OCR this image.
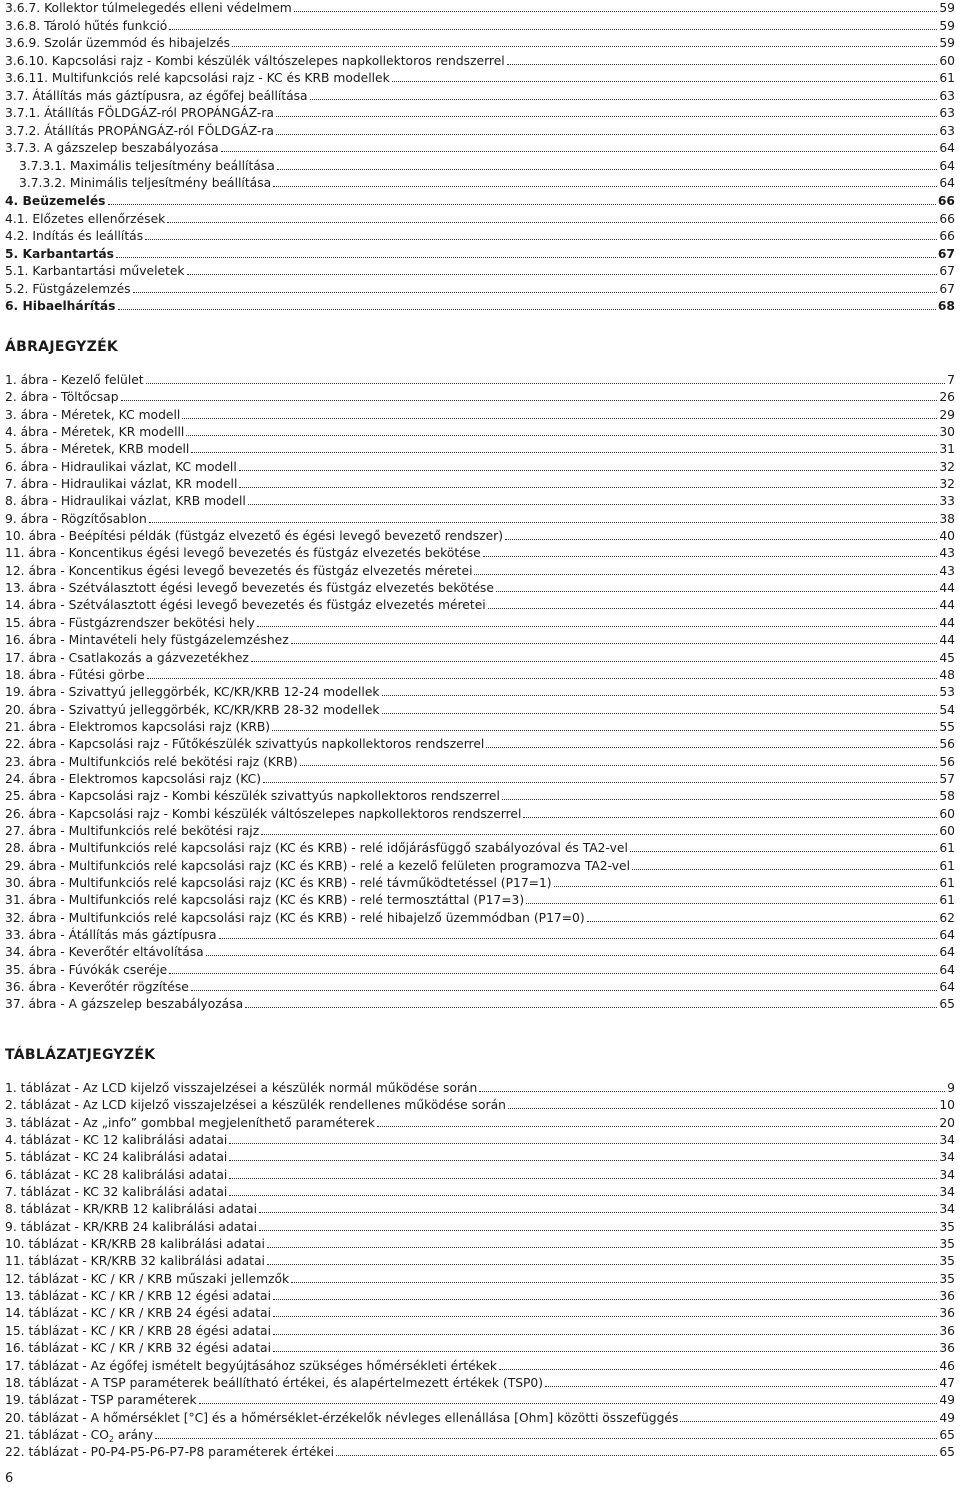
3.6.7. Kollektor túlmelegedés elleni védelmem	59
3.6.8. Tároló hűtés funkció	59
3.6.9. Szolár üzemmód és hibajelzés	59
3.6.10. Kapcsolási rajz - Kombi készülék váltószelepes napkollektoros rendszerrel	60
3.6.11. Multifunkciós relé kapcsolási rajz - KC és KRB modellek	61
3.7. Átállítás más gáztípusra, az égőfej beállítása	63
3.7.1. Átállítás FÖLDGÁZ-ról PROPÁNGÁZ-ra	63
3.7.2. Átállítás PROPÁNGÁZ-ról FÖLDGÁZ-ra	63
3.7.3. A gázszelep beszabályozása	64
3.7.3.1. Maximális teljesítmény beállítása	64
3.7.3.2. Minimális teljesítmény beállítása	64
4. Beüzemelés	66
4.1. Előzetes ellenőrzések	66
4.2. Indítás és leállítás	66
5. Karbantartás	67
5.1. Karbantartási műveletek	67
5.2. Füstgázelemzés	67
6. Hibaelhárítás	68
ÁBRAJEGYZÉK
1. ábra - Kezelő felület	7
2. ábra - Töltőcsap	26
3. ábra - Méretek, KC modell	29
4. ábra - Méretek, KR modelll	30
5. ábra - Méretek, KRB modell	31
6. ábra - Hidraulikai vázlat, KC modell	32
7. ábra - Hidraulikai vázlat, KR modell	32
8. ábra - Hidraulikai vázlat, KRB modell	33
9. ábra - Rögzítősablon	38
10. ábra - Beépítési példák (füstgáz elvezető és égési levegő bevezető rendszer)	40
11. ábra - Koncentikus égési levegő bevezetés és füstgáz elvezetés bekötése	43
12. ábra - Koncentikus égési levegő bevezetés és füstgáz elvezetés méretei	43
13. ábra - Szétválasztott égési levegő bevezetés és füstgáz elvezetés bekötése	44
14. ábra - Szétválasztott égési levegő bevezetés és füstgáz elvezetés méretei	44
15. ábra - Füstgázrendszer bekötési hely	44
16. ábra - Mintavételi hely füstgázelemzéshez	44
17. ábra - Csatlakozás a gázvezetékhez	45
18. ábra - Fűtési görbe	48
19. ábra - Szivattyú jelleggörbék, KC/KR/KRB 12-24 modellek	53
20. ábra - Szivattyú jelleggörbék, KC/KR/KRB 28-32 modellek	54
21. ábra - Elektromos kapcsolási rajz (KRB)	55
22. ábra - Kapcsolási rajz - Fűtőkészülék szivattyús napkollektoros rendszerrel	56
23. ábra - Multifunkciós relé bekötési rajz (KRB)	56
24. ábra - Elektromos kapcsolási rajz (KC)	57
25. ábra - Kapcsolási rajz - Kombi készülék szivattyús napkollektoros rendszerrel	58
26. ábra - Kapcsolási rajz - Kombi készülék váltószelepes napkollektoros rendszerrel	60
27. ábra - Multifunkciós relé bekötési rajz	60
28. ábra - Multifunkciós relé kapcsolási rajz (KC és KRB) - relé időjárásfüggő szabályozóval és TA2-vel	61
29. ábra - Multifunkciós relé kapcsolási rajz (KC és KRB) - relé a kezelő felületen programozva TA2-vel	61
30. ábra - Multifunkciós relé kapcsolási rajz (KC és KRB) - relé távműködtetéssel (P17=1)	61
31. ábra - Multifunkciós relé kapcsolási rajz (KC és KRB) - relé termosztáttal (P17=3)	61
32. ábra - Multifunkciós relé kapcsolási rajz (KC és KRB) - relé hibajelző üzemmódban (P17=0)	62
33. ábra - Átállítás más gáztípusra	64
34. ábra - Keverőtér eltávolítása	64
35. ábra - Fúvókák cseréje	64
36. ábra - Keverőtér rögzítése	64
37. ábra - A gázszelep beszabályozása	65
TÁBLÁZATJEGYZÉK
1. táblázat - Az LCD kijelző visszajelzései a készülék normál működése során	9
2. táblázat - Az LCD kijelző visszajelzései a készülék rendellenes működése során	10
3. táblázat - Az „info” gombbal megjeleníthető paraméterek	20
4. táblázat - KC 12 kalibrálási adatai	34
5. táblázat - KC 24 kalibrálási adatai	34
6. táblázat - KC 28 kalibrálási adatai	34
7. táblázat - KC 32 kalibrálási adatai	34
8. táblázat - KR/KRB 12 kalibrálási adatai	34
9. táblázat - KR/KRB 24 kalibrálási adatai	35
10. táblázat - KR/KRB 28 kalibrálási adatai	35
11. táblázat - KR/KRB 32 kalibrálási adatai	35
12. táblázat - KC / KR / KRB műszaki jellemzők	35
13. táblázat - KC / KR / KRB 12 égési adatai	36
14. táblázat - KC / KR / KRB 24 égési adatai	36
15. táblázat - KC / KR / KRB 28 égési adatai	36
16. táblázat - KC / KR / KRB 32 égési adatai	36
17. táblázat - Az égőfej ismételt begyújtásához szükséges hőmérsékleti értékek	46
18. táblázat - A TSP paraméterek beállítható értékei, és alapértelmezett értékek (TSP0)	47
19. táblázat - TSP paraméterek	49
20. táblázat - A hőmérséklet [°C] és a hőmérséklet-érzékelők névleges ellenállása [Ohm] közötti összefüggés	49
21. táblázat - $CO_2$ arány	65
22. táblázat - P0-P4-P5-P6-P7-P8 paraméterek értékei	65
6
